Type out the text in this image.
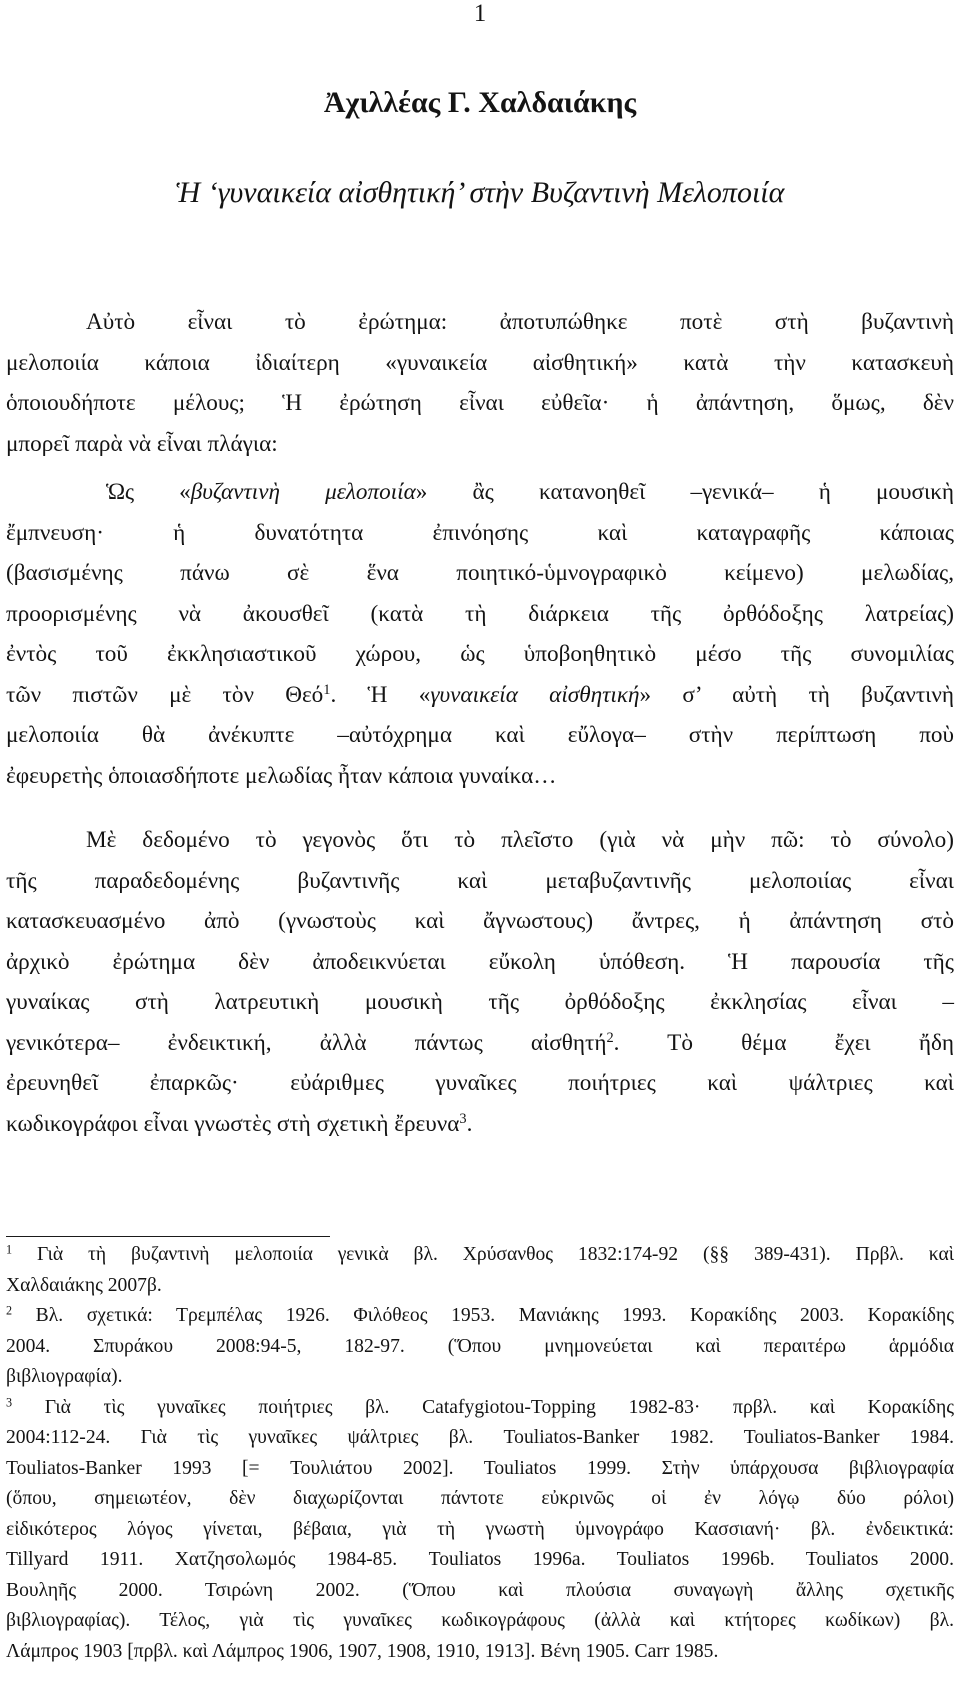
1
Ἀχιλλέας Γ. Χαλδαιάκης
Ἡ ‘γυναικεία αἰσθητική’ στὴν Βυζαντινὴ Μελοποιία
Αὐτὸ εἶναι τὸ ἐρώτημα: ἀποτυπώθηκε ποτὲ στὴ βυζαντινὴ
μελοποιία κάποια ἰδιαίτερη «γυναικεία αἰσθητική» κατὰ τὴν κατασκευὴ
ὁποιουδήποτε μέλους; Ἡ ἐρώτηση εἶναι εὐθεῖα· ἡ ἀπάντηση, ὅμως, δὲν
μπορεῖ παρὰ νὰ εἶναι πλάγια:
Ὡς «βυζαντινὴ μελοποιία» ἂς κατανοηθεῖ –γενικά– ἡ μουσικὴ
ἔμπνευση· ἡ δυνατότητα ἐπινόησης καὶ καταγραφῆς κάποιας
(βασισμένης πάνω σὲ ἕνα ποιητικό-ὑμνογραφικὸ κείμενο) μελωδίας,
προορισμένης νὰ ἀκουσθεῖ (κατὰ τὴ διάρκεια τῆς ὀρθόδοξης λατρείας)
ἐντὸς τοῦ ἐκκλησιαστικοῦ χώρου, ὡς ὑποβοηθητικὸ μέσο τῆς συνομιλίας
τῶν πιστῶν μὲ τὸν Θεό$^1$. Ἡ «γυναικεία αἰσθητική» σ’ αὐτὴ τὴ βυζαντινὴ
μελοποιία θὰ ἀνέκυπτε –αὐτόχρημα καὶ εὔλογα– στὴν περίπτωση ποὺ
ἐφευρετὴς ὁποιασδήποτε μελωδίας ἦταν κάποια γυναίκα…
Μὲ δεδομένο τὸ γεγονὸς ὅτι τὸ πλεῖστο (γιὰ νὰ μὴν πῶ: τὸ σύνολο)
τῆς παραδεδομένης βυζαντινῆς καὶ μεταβυζαντινῆς μελοποιίας εἶναι
κατασκευασμένο ἀπὸ (γνωστοὺς καὶ ἄγνωστους) ἄντρες, ἡ ἀπάντηση στὸ
ἀρχικὸ ἐρώτημα δὲν ἀποδεικνύεται εὔκολη ὑπόθεση. Ἡ παρουσία τῆς
γυναίκας στὴ λατρευτικὴ μουσικὴ τῆς ὀρθόδοξης ἐκκλησίας εἶναι –
γενικότερα– ἐνδεικτική, ἀλλὰ πάντως αἰσθητή$^2$. Τὸ θέμα ἔχει ἤδη
ἐρευνηθεῖ ἐπαρκῶς· εὐάριθμες γυναῖκες ποιήτριες καὶ ψάλτριες καὶ
κωδικογράφοι εἶναι γνωστὲς στὴ σχετικὴ ἔρευνα$^3$.
$^1$ Γιὰ τὴ βυζαντινὴ μελοποιία γενικὰ βλ. Χρύσανθος 1832:174-92 (§§ 389-431). Πρβλ. καὶ
Χαλδαιάκης 2007β.
$^2$ Βλ. σχετικά: Τρεμπέλας 1926. Φιλόθεος 1953. Μανιάκης 1993. Κορακίδης 2003. Κορακίδης
2004. Σπυράκου 2008:94-5, 182-97. (Ὅπου μνημονεύεται καὶ περαιτέρω ἁρμόδια
βιβλιογραφία).
$^3$ Γιὰ τὶς γυναῖκες ποιήτριες βλ. Catafygiotou-Topping 1982-83· πρβλ. καὶ Κορακίδης
2004:112-24. Γιὰ τὶς γυναῖκες ψάλτριες βλ. Touliatos-Banker 1982. Touliatos-Banker 1984.
Touliatos-Banker 1993 [= Τουλιάτου 2002]. Touliatos 1999. Στὴν ὑπάρχουσα βιβλιογραφία
(ὅπου, σημειωτέον, δὲν διαχωρίζονται πάντοτε εὐκρινῶς οἱ ἐν λόγῳ δύο ρόλοι)
εἰδικότερος λόγος γίνεται, βέβαια, γιὰ τὴ γνωστὴ ὑμνογράφο Κασσιανή· βλ. ἐνδεικτικά:
Tillyard 1911. Χατζησολωμός 1984-85. Touliatos 1996a. Touliatos 1996b. Touliatos 2000.
Βουληῆς 2000. Τσιρώνη 2002. (Ὅπου καὶ πλούσια συναγωγὴ ἄλλης σχετικῆς
βιβλιογραφίας). Τέλος, γιὰ τὶς γυναῖκες κωδικογράφους (ἀλλὰ καὶ κτήτορες κωδίκων) βλ.
Λάμπρος 1903 [πρβλ. καὶ Λάμπρος 1906, 1907, 1908, 1910, 1913]. Βένη 1905. Carr 1985.
